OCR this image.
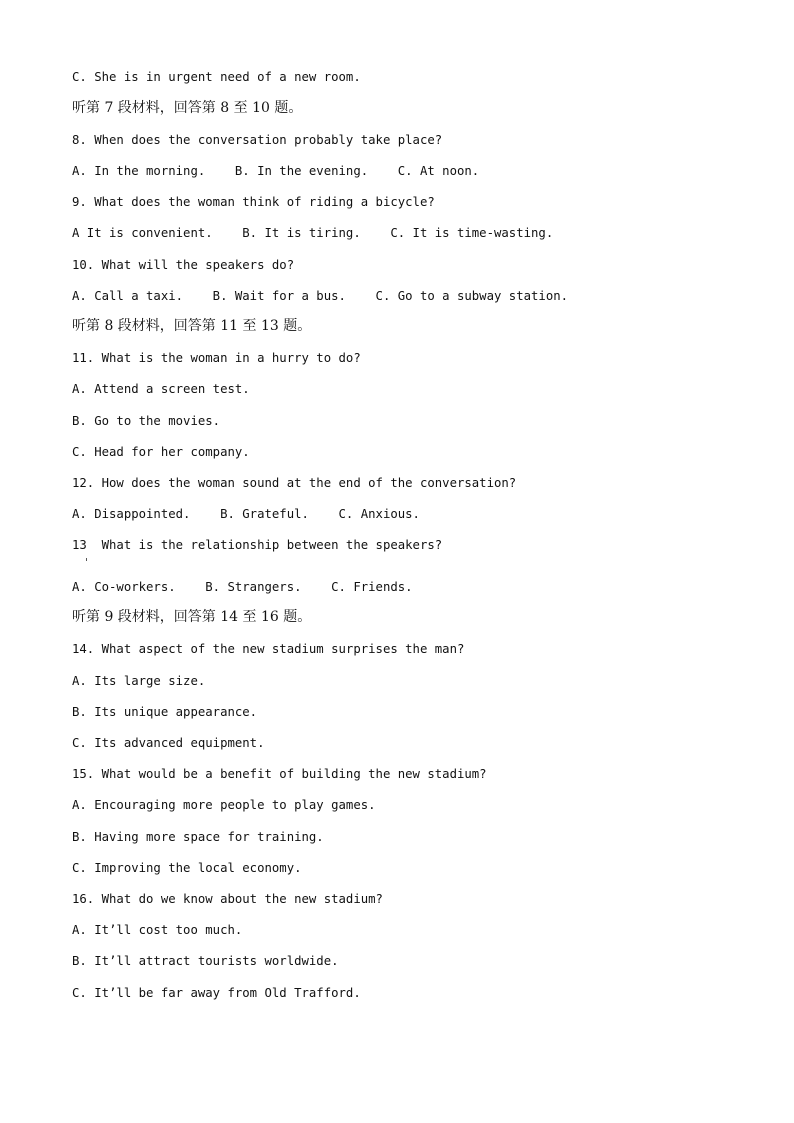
C. She is in urgent need of a new room.
听第 7 段材料，回答第 8 至 10 题。
8. When does the conversation probably take place?
A. In the morning.    B. In the evening.    C. At noon.
9. What does the woman think of riding a bicycle?
A It is convenient.    B. It is tiring.    C. It is time-wasting.
10. What will the speakers do?
A. Call a taxi.    B. Wait for a bus.    C. Go to a subway station.
听第 8 段材料，回答第 11 至 13 题。
11. What is the woman in a hurry to do?
A. Attend a screen test.
B. Go to the movies.
C. Head for her company.
12. How does the woman sound at the end of the conversation?
A. Disappointed.    B. Grateful.    C. Anxious.
13  What is the relationship between the speakers?
A. Co-workers.    B. Strangers.    C. Friends.
听第 9 段材料，回答第 14 至 16 题。
14. What aspect of the new stadium surprises the man?
A. Its large size.
B. Its unique appearance.
C. Its advanced equipment.
15. What would be a benefit of building the new stadium?
A. Encouraging more people to play games.
B. Having more space for training.
C. Improving the local economy.
16. What do we know about the new stadium?
A. It’ll cost too much.
B. It’ll attract tourists worldwide.
C. It’ll be far away from Old Trafford.
